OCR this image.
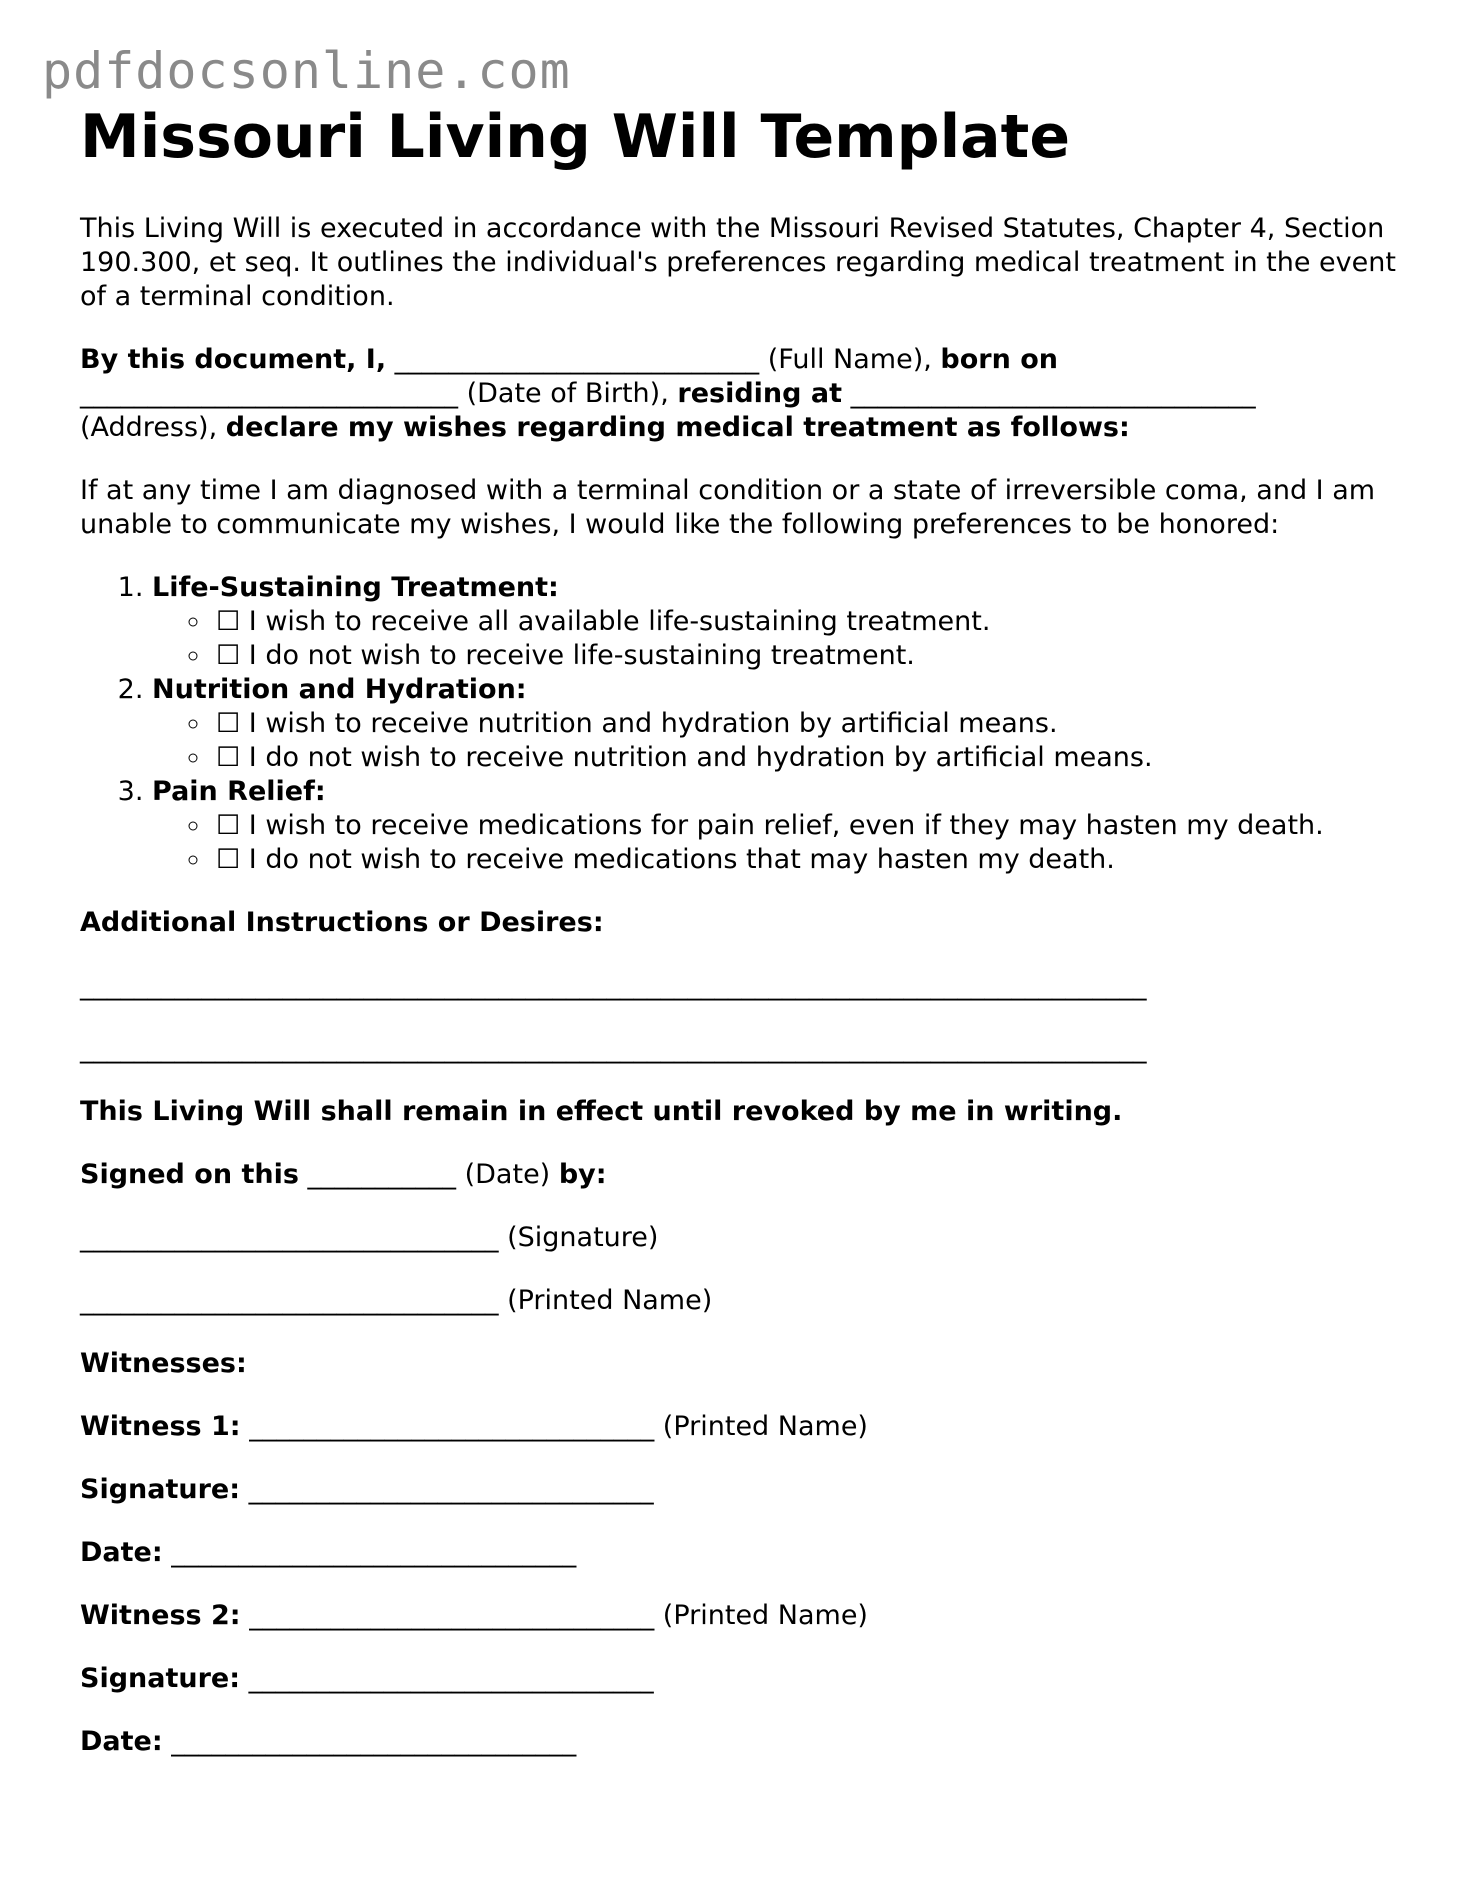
pdfdocsonline.com
Missouri Living Will Template

This Living Will is executed in accordance with the Missouri Revised Statutes, Chapter 4, Section 190.300, et seq. It outlines the individual's preferences regarding medical treatment in the event of a terminal condition.

By this document, I, ___________________________ (Full Name), born on ____________________________ (Date of Birth), residing at ______________________________ (Address), declare my wishes regarding medical treatment as follows:

If at any time I am diagnosed with a terminal condition or a state of irreversible coma, and I am unable to communicate my wishes, I would like the following preferences to be honored:

1. Life-Sustaining Treatment:
◦ ☐ I wish to receive all available life-sustaining treatment.
◦ ☐ I do not wish to receive life-sustaining treatment.
2. Nutrition and Hydration:
◦ ☐ I wish to receive nutrition and hydration by artificial means.
◦ ☐ I do not wish to receive nutrition and hydration by artificial means.
3. Pain Relief:
◦ ☐ I wish to receive medications for pain relief, even if they may hasten my death.
◦ ☐ I do not wish to receive medications that may hasten my death.

Additional Instructions or Desires:

_______________________________________________________________________________
_______________________________________________________________________________

This Living Will shall remain in effect until revoked by me in writing.

Signed on this ___________ (Date) by:

_______________________________ (Signature)

_______________________________ (Printed Name)

Witnesses:

Witness 1: ______________________________ (Printed Name)

Signature: ______________________________

Date: ______________________________

Witness 2: ______________________________ (Printed Name)

Signature: ______________________________

Date: ______________________________
